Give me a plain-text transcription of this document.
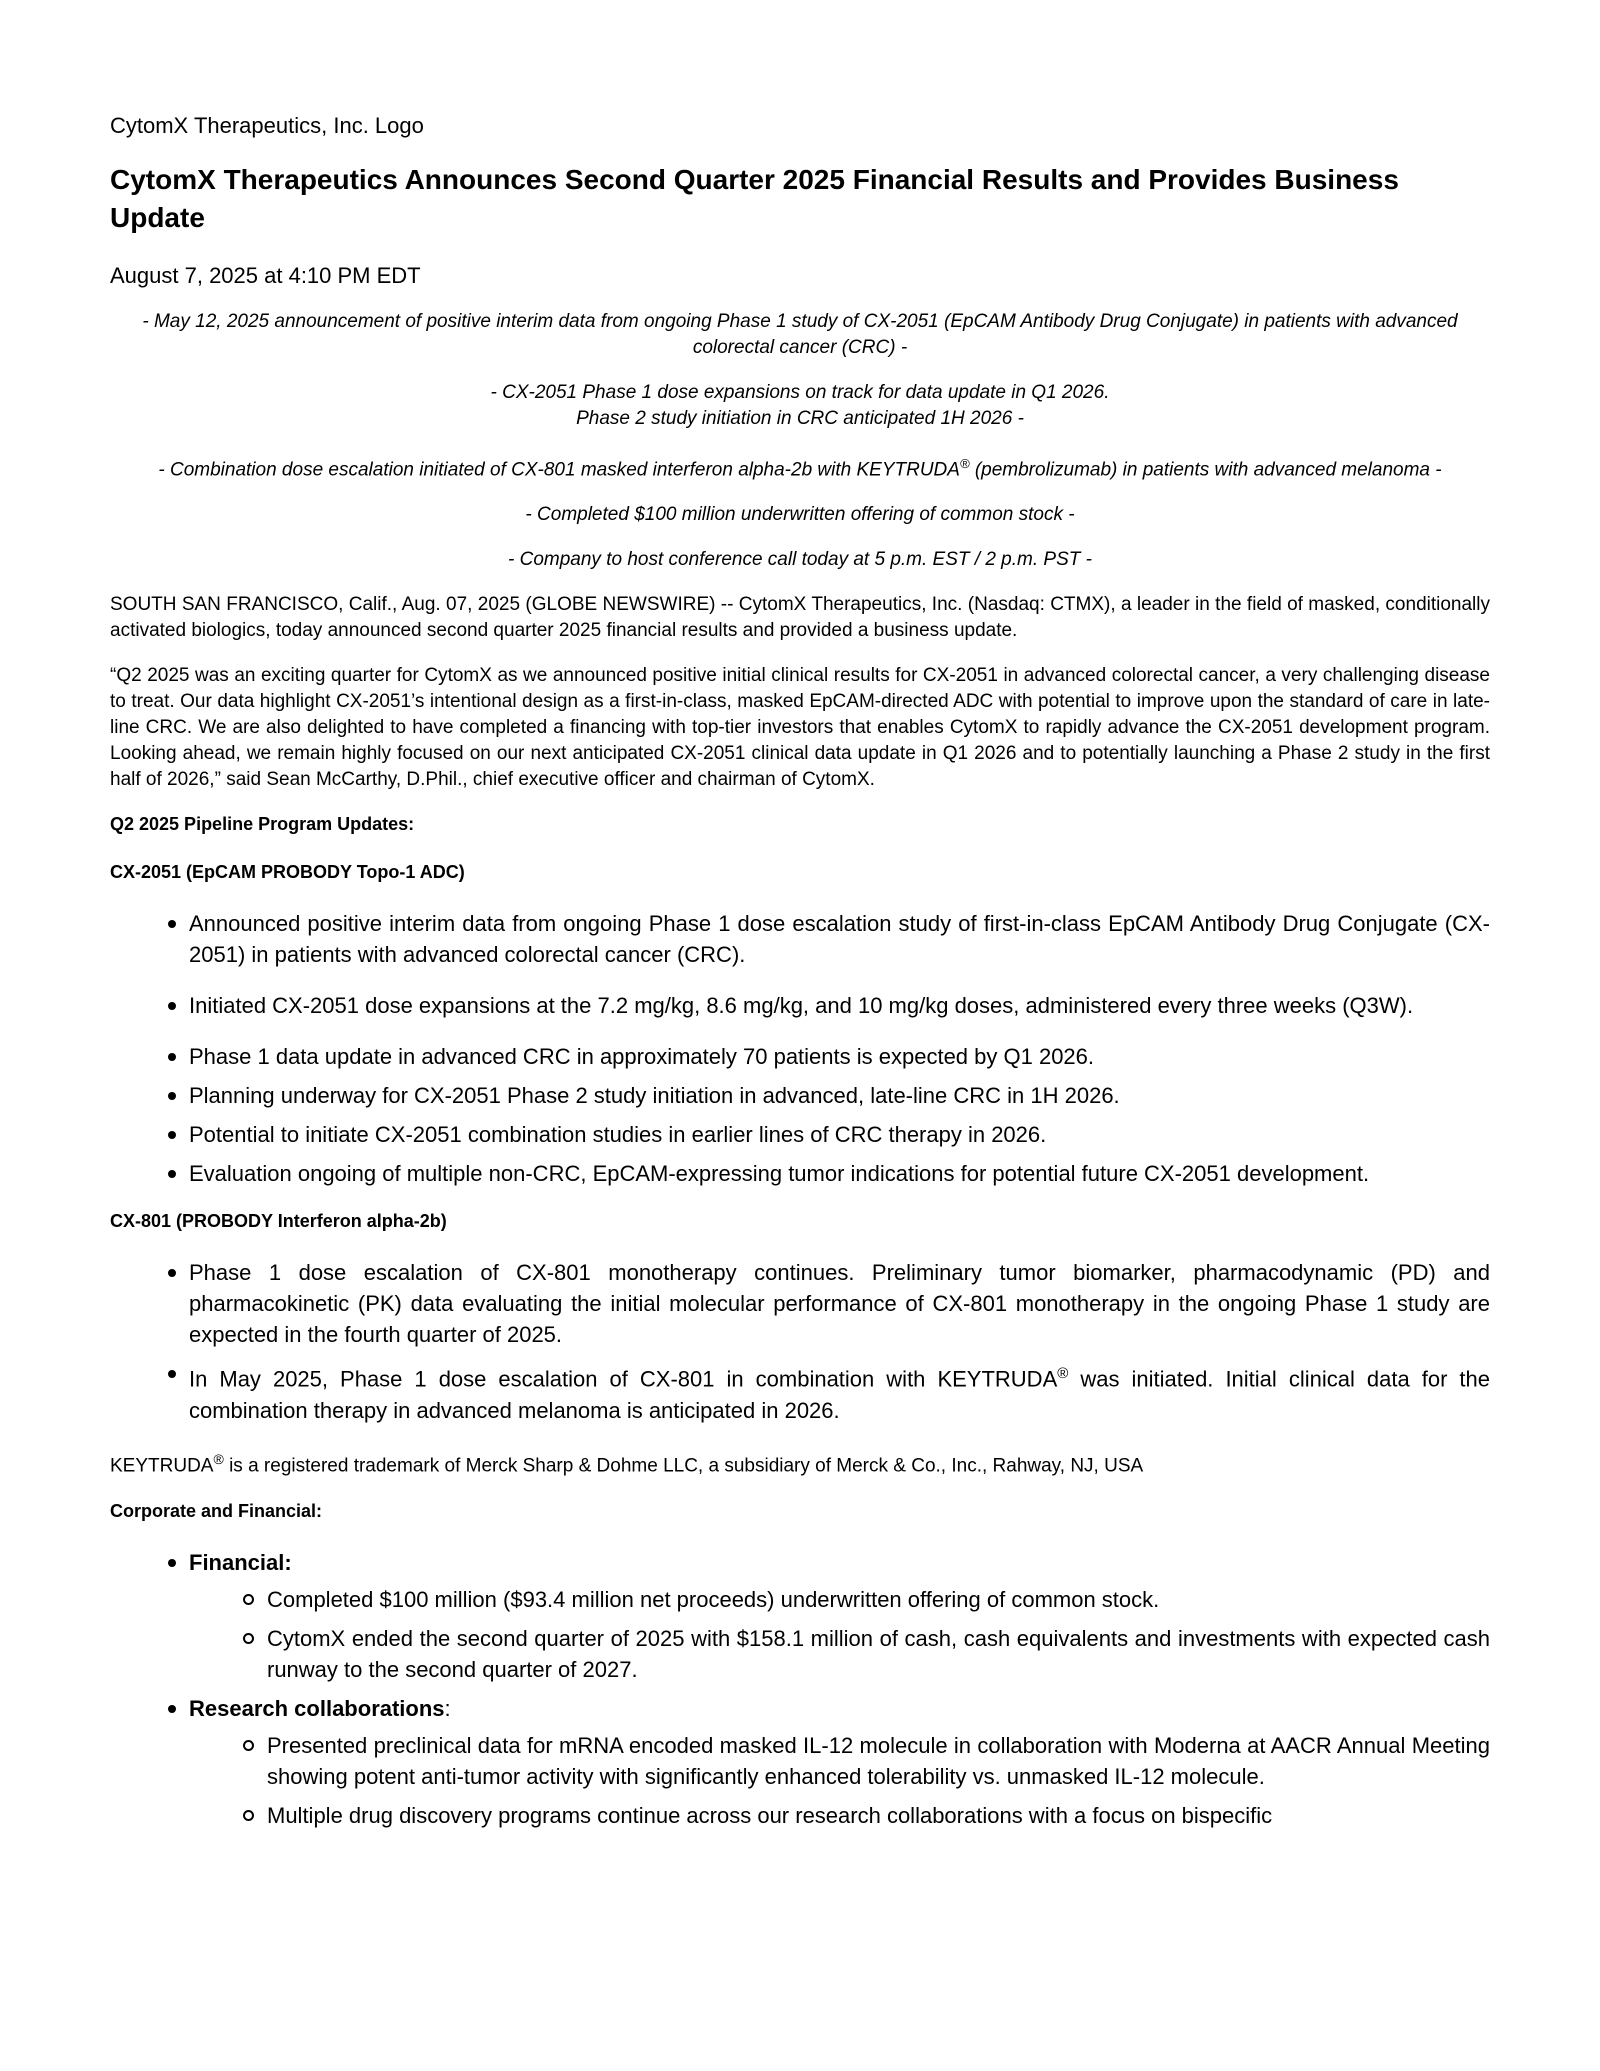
CytomX Therapeutics, Inc. Logo
CytomX Therapeutics Announces Second Quarter 2025 Financial Results and Provides Business Update
August 7, 2025 at 4:10 PM EDT
- May 12, 2025 announcement of positive interim data from ongoing Phase 1 study of CX-2051 (EpCAM Antibody Drug Conjugate) in patients with advanced colorectal cancer (CRC) -
- CX-2051 Phase 1 dose expansions on track for data update in Q1 2026.
Phase 2 study initiation in CRC anticipated 1H 2026 -
- Combination dose escalation initiated of CX-801 masked interferon alpha-2b with KEYTRUDA® (pembrolizumab) in patients with advanced melanoma -
- Completed $100 million underwritten offering of common stock -
- Company to host conference call today at 5 p.m. EST / 2 p.m. PST -

SOUTH SAN FRANCISCO, Calif., Aug. 07, 2025 (GLOBE NEWSWIRE) -- CytomX Therapeutics, Inc. (Nasdaq: CTMX), a leader in the field of masked, conditionally activated biologics, today announced second quarter 2025 financial results and provided a business update.

“Q2 2025 was an exciting quarter for CytomX as we announced positive initial clinical results for CX-2051 in advanced colorectal cancer, a very challenging disease to treat. Our data highlight CX-2051’s intentional design as a first-in-class, masked EpCAM-directed ADC with potential to improve upon the standard of care in late-line CRC. We are also delighted to have completed a financing with top-tier investors that enables CytomX to rapidly advance the CX-2051 development program. Looking ahead, we remain highly focused on our next anticipated CX-2051 clinical data update in Q1 2026 and to potentially launching a Phase 2 study in the first half of 2026,” said Sean McCarthy, D.Phil., chief executive officer and chairman of CytomX.

Q2 2025 Pipeline Program Updates:
CX-2051 (EpCAM PROBODY Topo-1 ADC)
Announced positive interim data from ongoing Phase 1 dose escalation study of first-in-class EpCAM Antibody Drug Conjugate (CX-2051) in patients with advanced colorectal cancer (CRC).
Initiated CX-2051 dose expansions at the 7.2 mg/kg, 8.6 mg/kg, and 10 mg/kg doses, administered every three weeks (Q3W).
Phase 1 data update in advanced CRC in approximately 70 patients is expected by Q1 2026.
Planning underway for CX-2051 Phase 2 study initiation in advanced, late-line CRC in 1H 2026.
Potential to initiate CX-2051 combination studies in earlier lines of CRC therapy in 2026.
Evaluation ongoing of multiple non-CRC, EpCAM-expressing tumor indications for potential future CX-2051 development.
CX-801 (PROBODY Interferon alpha-2b)
Phase 1 dose escalation of CX-801 monotherapy continues. Preliminary tumor biomarker, pharmacodynamic (PD) and pharmacokinetic (PK) data evaluating the initial molecular performance of CX-801 monotherapy in the ongoing Phase 1 study are expected in the fourth quarter of 2025.
In May 2025, Phase 1 dose escalation of CX-801 in combination with KEYTRUDA® was initiated. Initial clinical data for the combination therapy in advanced melanoma is anticipated in 2026.
KEYTRUDA® is a registered trademark of Merck Sharp & Dohme LLC, a subsidiary of Merck & Co., Inc., Rahway, NJ, USA
Corporate and Financial:
Financial:
Completed $100 million ($93.4 million net proceeds) underwritten offering of common stock.
CytomX ended the second quarter of 2025 with $158.1 million of cash, cash equivalents and investments with expected cash runway to the second quarter of 2027.
Research collaborations:
Presented preclinical data for mRNA encoded masked IL-12 molecule in collaboration with Moderna at AACR Annual Meeting showing potent anti-tumor activity with significantly enhanced tolerability vs. unmasked IL-12 molecule.
Multiple drug discovery programs continue across our research collaborations with a focus on bispecific
